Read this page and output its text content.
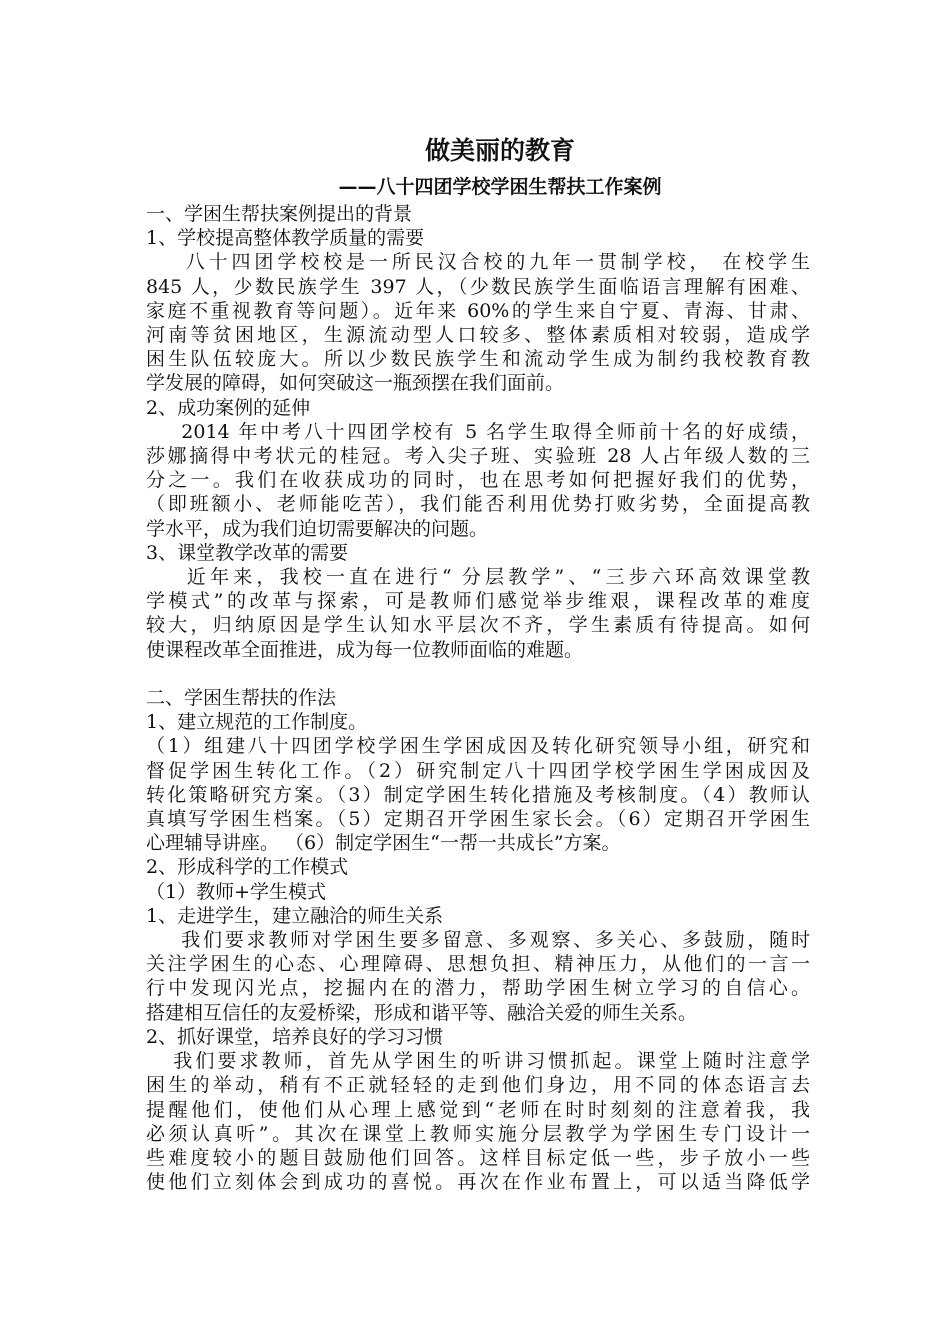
做美丽的教育
——八十四团学校学困生帮扶工作案例

一、学困生帮扶案例提出的背景

1、学校提高整体教学质量的需要

八十四团学校校是一所民汉合校的九年一贯制学校， 在校学生

845 人，少数民族学生 397 人，（少数民族学生面临语言理解有困难、

家庭不重视教育等问题）。近年来 60%的学生来自宁夏、青海、甘肃、

河南等贫困地区，生源流动型人口较多、整体素质相对较弱，造成学

困生队伍较庞大。所以少数民族学生和流动学生成为制约我校教育教

学发展的障碍，如何突破这一瓶颈摆在我们面前。

2、成功案例的延伸

2014 年中考八十四团学校有 5 名学生取得全师前十名的好成绩，

莎娜摘得中考状元的桂冠。考入尖子班、实验班 28 人占年级人数的三

分之一。我们在收获成功的同时，也在思考如何把握好我们的优势，

（即班额小、老师能吃苦），我们能否利用优势打败劣势，全面提高教

学水平，成为我们迫切需要解决的问题。

3、课堂教学改革的需要

近年来，我校一直在进行“ 分层教学”、“三步六环高效课堂教

学模式”的改革与探索，可是教师们感觉举步维艰，课程改革的难度

较大，归纳原因是学生认知水平层次不齐，学生素质有待提高。如何

使课程改革全面推进，成为每一位教师面临的难题。

二、学困生帮扶的作法

1、建立规范的工作制度。

（1）组建八十四团学校学困生学困成因及转化研究领导小组，研究和

督促学困生转化工作。（2）研究制定八十四团学校学困生学困成因及

转化策略研究方案。（3）制定学困生转化措施及考核制度。（4）教师认

真填写学困生档案。（5）定期召开学困生家长会。（6）定期召开学困生

心理辅导讲座。 （6）制定学困生“一帮一共成长”方案。

2、形成科学的工作模式

（1）教师+学生模式

1、走进学生，建立融洽的师生关系

我们要求教师对学困生要多留意、多观察、多关心、多鼓励，随时

关注学困生的心态、心理障碍、思想负担、精神压力，从他们的一言一

行中发现闪光点，挖掘内在的潜力，帮助学困生树立学习的自信心。

搭建相互信任的友爱桥梁，形成和谐平等、融洽关爱的师生关系。

2、抓好课堂，培养良好的学习习惯

我们要求教师，首先从学困生的听讲习惯抓起。课堂上随时注意学

困生的举动，稍有不正就轻轻的走到他们身边，用不同的体态语言去

提醒他们，使他们从心理上感觉到“老师在时时刻刻的注意着我，我

必须认真听”。其次在课堂上教师实施分层教学为学困生专门设计一

些难度较小的题目鼓励他们回答。这样目标定低一些，步子放小一些

使他们立刻体会到成功的喜悦。再次在作业布置上，可以适当降低学
